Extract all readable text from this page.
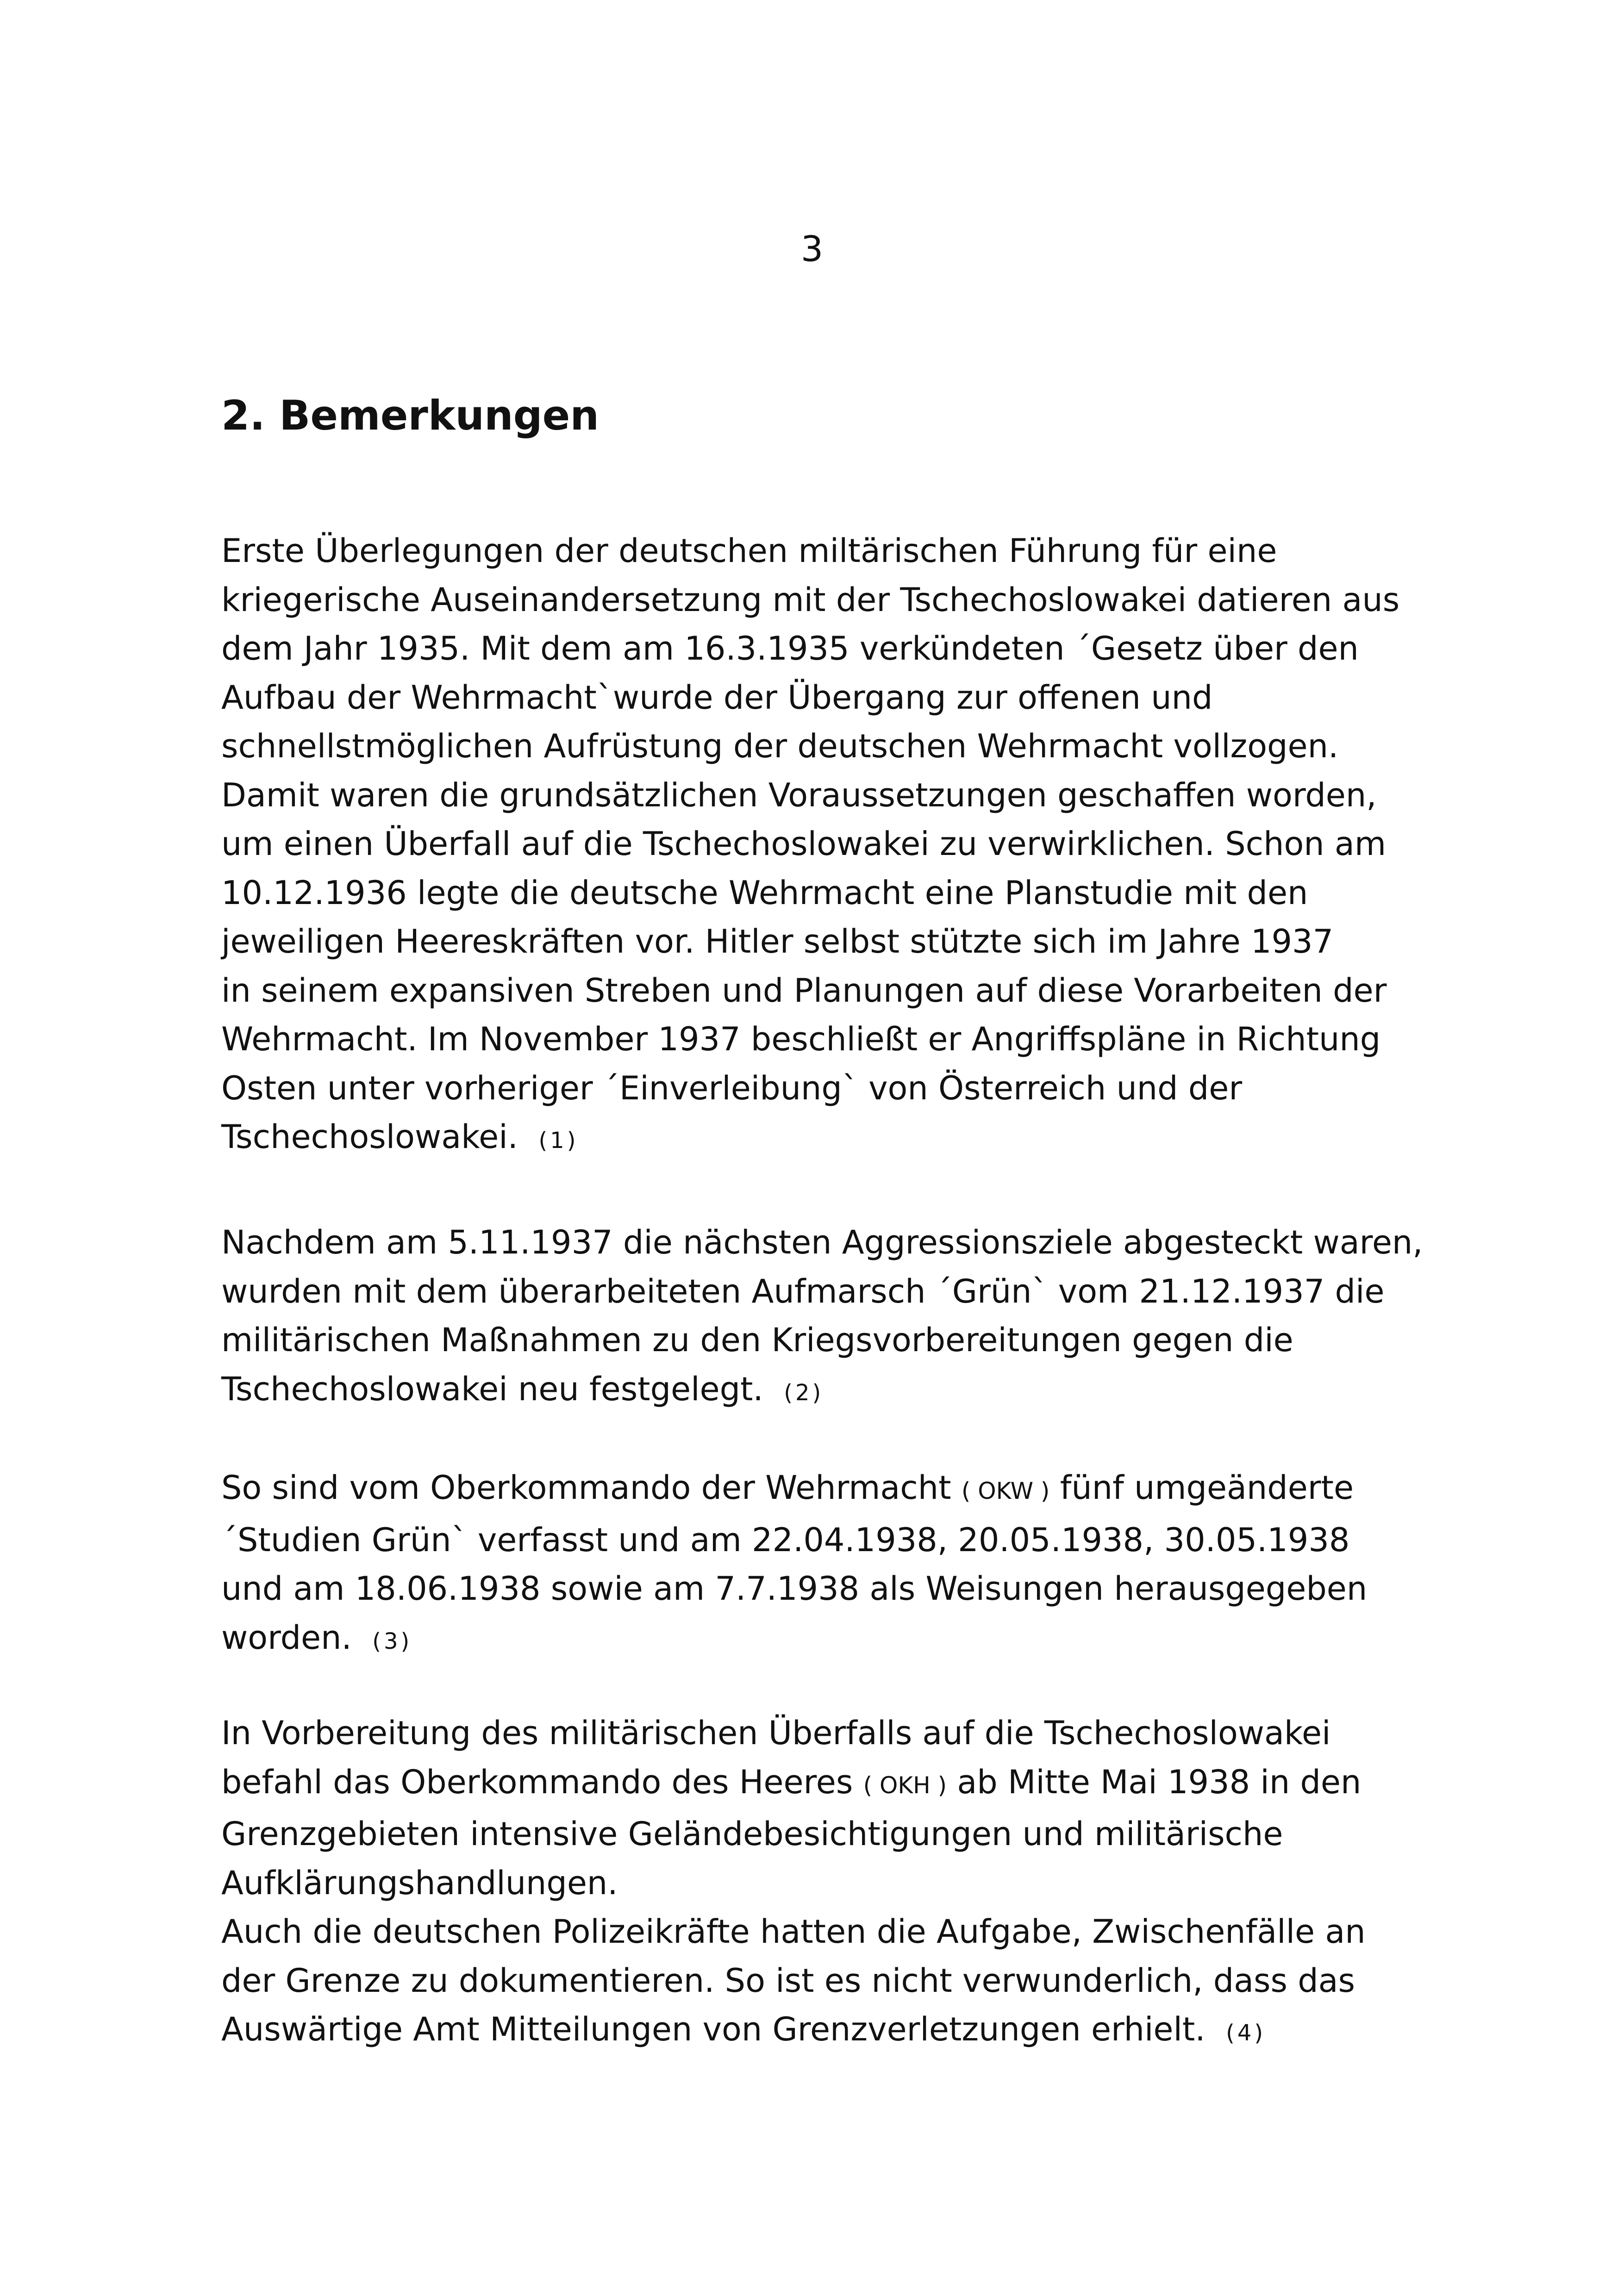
3
2. Bemerkungen
Erste Überlegungen der deutschen miltärischen Führung für eine
kriegerische Auseinandersetzung mit der Tschechoslowakei datieren aus
dem Jahr 1935. Mit dem am 16.3.1935 verkündeten ´Gesetz über den
Aufbau der Wehrmacht`wurde der Übergang zur offenen und
schnellstmöglichen Aufrüstung der deutschen Wehrmacht vollzogen.
Damit waren die grundsätzlichen Voraussetzungen geschaffen worden,
um einen Überfall auf die Tschechoslowakei zu verwirklichen. Schon am
10.12.1936 legte die deutsche Wehrmacht eine Planstudie mit den
jeweiligen Heereskräften vor. Hitler selbst stützte sich im Jahre 1937
in seinem expansiven Streben und Planungen auf diese Vorarbeiten der
Wehrmacht. Im November 1937 beschließt er Angriffspläne in Richtung
Osten unter vorheriger ´Einverleibung` von Österreich und der
Tschechoslowakei. (1)
Nachdem am 5.11.1937 die nächsten Aggressionsziele abgesteckt waren,
wurden mit dem überarbeiteten Aufmarsch ´Grün` vom 21.12.1937 die
militärischen Maßnahmen zu den Kriegsvorbereitungen gegen die
Tschechoslowakei neu festgelegt. (2)
So sind vom Oberkommando der Wehrmacht ( OKW ) fünf umgeänderte
´Studien Grün` verfasst und am 22.04.1938, 20.05.1938, 30.05.1938
und am 18.06.1938 sowie am 7.7.1938 als Weisungen herausgegeben
worden. (3)
In Vorbereitung des militärischen Überfalls auf die Tschechoslowakei
befahl das Oberkommando des Heeres ( OKH ) ab Mitte Mai 1938 in den
Grenzgebieten intensive Geländebesichtigungen und militärische
Aufklärungshandlungen.
Auch die deutschen Polizeikräfte hatten die Aufgabe, Zwischenfälle an
der Grenze zu dokumentieren. So ist es nicht verwunderlich, dass das
Auswärtige Amt Mitteilungen von Grenzverletzungen erhielt. (4)
